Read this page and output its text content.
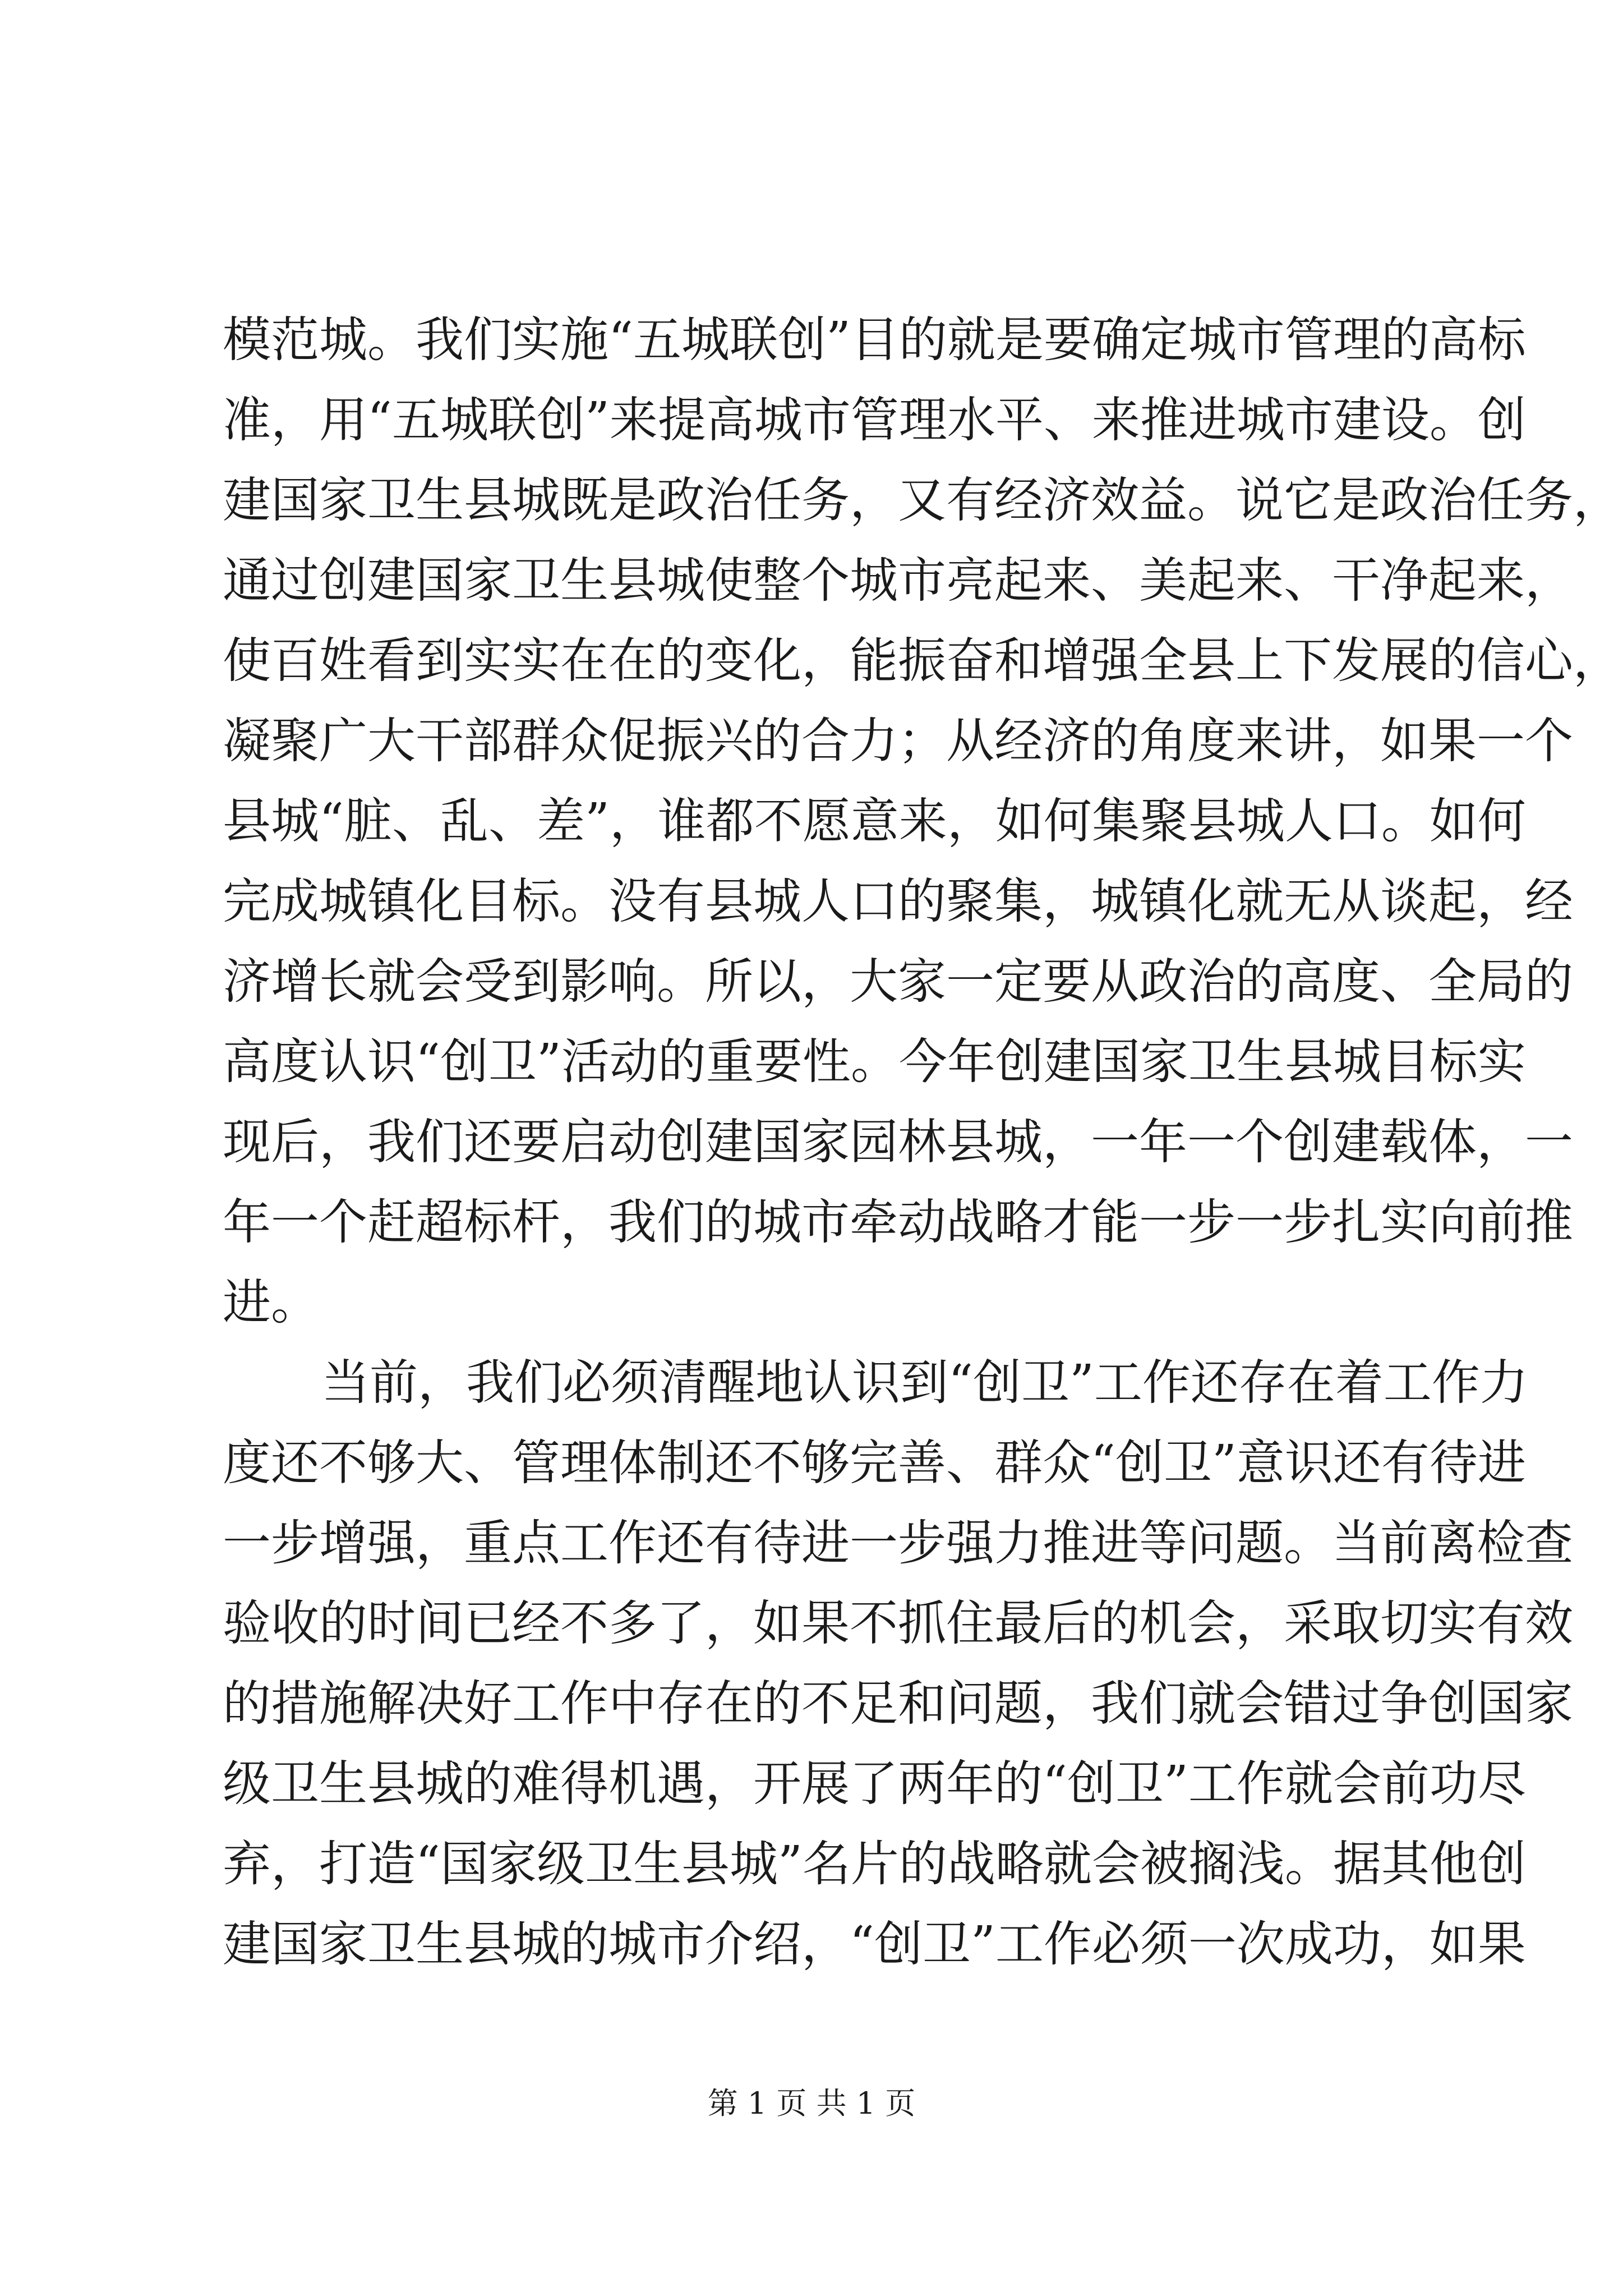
模范城。我们实施“五城联创”目的就是要确定城市管理的高标
准，用“五城联创”来提高城市管理水平、来推进城市建设。创
建国家卫生县城既是政治任务，又有经济效益。说它是政治任务，
通过创建国家卫生县城使整个城市亮起来、美起来、干净起来，
使百姓看到实实在在的变化，能振奋和增强全县上下发展的信心，
凝聚广大干部群众促振兴的合力；从经济的角度来讲，如果一个
县城“脏、乱、差”，谁都不愿意来，如何集聚县城人口。如何
完成城镇化目标。没有县城人口的聚集，城镇化就无从谈起，经
济增长就会受到影响。所以，大家一定要从政治的高度、全局的
高度认识“创卫”活动的重要性。今年创建国家卫生县城目标实
现后，我们还要启动创建国家园林县城，一年一个创建载体，一
年一个赶超标杆，我们的城市牵动战略才能一步一步扎实向前推
进。
当前，我们必须清醒地认识到“创卫”工作还存在着工作力
度还不够大、管理体制还不够完善、群众“创卫”意识还有待进
一步增强，重点工作还有待进一步强力推进等问题。当前离检查
验收的时间已经不多了，如果不抓住最后的机会，采取切实有效
的措施解决好工作中存在的不足和问题，我们就会错过争创国家
级卫生县城的难得机遇，开展了两年的“创卫”工作就会前功尽
弃，打造“国家级卫生县城”名片的战略就会被搁浅。据其他创
建国家卫生县城的城市介绍，“创卫”工作必须一次成功，如果
第 1 页 共 1 页
